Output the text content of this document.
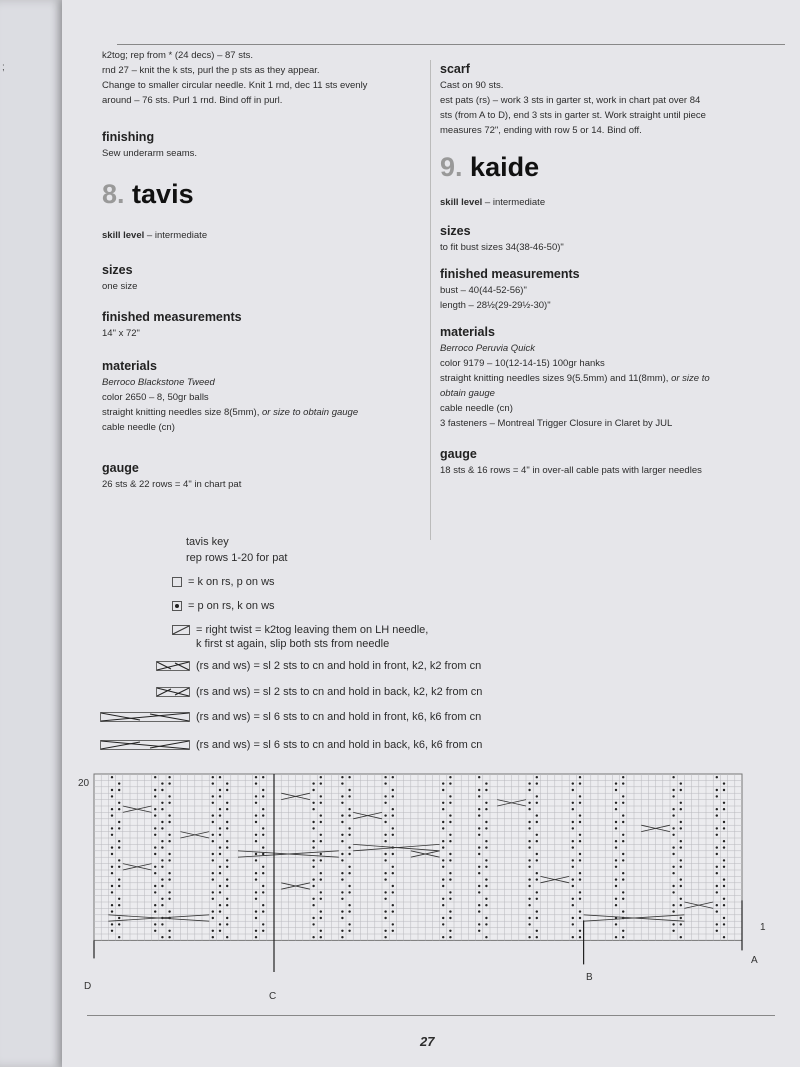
;

k2tog; rep from * (24 decs) – 87 sts.

rnd 27 – knit the k sts, purl the p sts as they appear.

Change to smaller circular needle. Knit 1 rnd, dec 11 sts evenly

around – 76 sts. Purl 1 rnd. Bind off in purl.

finishing
Sew underarm seams.
8. tavis
skill level – intermediate
sizes
one size
finished measurements
14" x 72"
materials
Berroco Blackstone Tweed
color 2650 – 8, 50gr balls
straight knitting needles size 8(5mm), or size to obtain gauge
cable needle (cn)
gauge
26 sts & 22 rows = 4" in chart pat
scarf
Cast on 90 sts.
est pats (rs) – work 3 sts in garter st, work in chart pat over 84
sts (from A to D), end 3 sts in garter st. Work straight until piece
measures 72", ending with row 5 or 14. Bind off.
9. kaide
skill level – intermediate
sizes
to fit bust sizes 34(38-46-50)"
finished measurements
bust – 40(44-52-56)"
length – 28½(29-29½-30)"
materials
Berroco Peruvia Quick
color 9179 – 10(12-14-15) 100gr hanks
straight knitting needles sizes 9(5.5mm) and 11(8mm), or size to
obtain gauge
cable needle (cn)
3 fasteners – Montreal Trigger Closure in Claret by JUL
gauge
18 sts & 16 rows = 4" in over-all cable pats with larger needles
tavis key
rep rows 1-20 for pat
= k on rs, p on ws
= p on rs, k on ws
= right twist = k2tog leaving them on LH needle,
k first st again, slip both sts from needle
(rs and ws) = sl 2 sts to cn and hold in front, k2, k2 from cn
(rs and ws) = sl 2 sts to cn and hold in back, k2, k2 from cn
(rs and ws) = sl 6 sts to cn and hold in front, k6, k6 from cn
(rs and ws) = sl 6 sts to cn and hold in back, k6, k6 from cn
20
1
A
B
C
D
27
